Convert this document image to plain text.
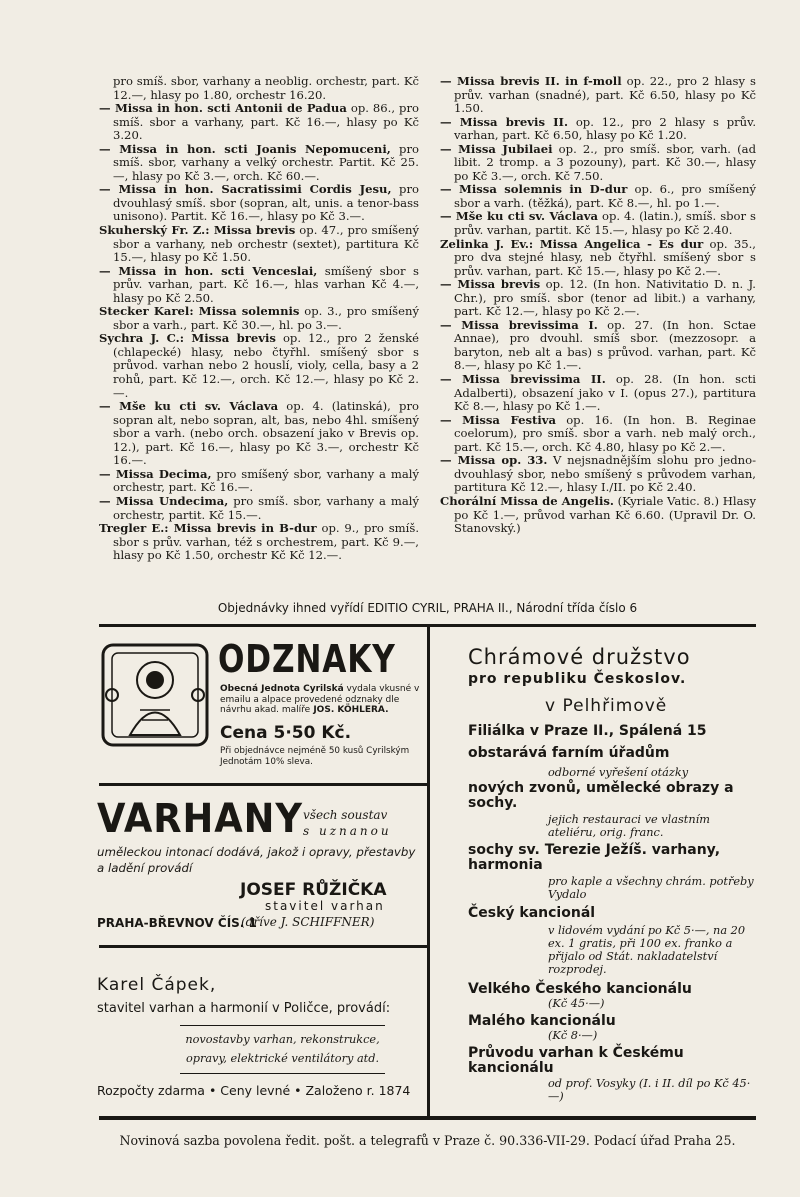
pro smíš. sbor, varhany a neoblig. orchestr, part. Kč 12.—, hlasy po 1.80, orchestr 16.20.

— Missa in hon. scti Antonii de Padua op. 86., pro smíš. sbor a varhany, part. Kč 16.—, hlasy po Kč 3.20.

— Missa in hon. scti Joanis Nepomuceni, pro smíš. sbor, varhany a velký orchestr. Partit. Kč 25.—, hlasy po Kč 3.—, orch. Kč 60.—.

— Missa in hon. Sacratissimi Cordis Jesu, pro dvouhlasý smíš. sbor (sopran, alt, unis. a tenor-bass unisono). Partit. Kč 16.—, hlasy po Kč 3.—.

Skuherský Fr. Z.: Missa brevis op. 47., pro smíšený sbor a varhany, neb orchestr (sextet), partitura Kč 15.—, hlasy po Kč 1.50.

— Missa in hon. scti Venceslai, smíšený sbor s prův. varhan, part. Kč 16.—, hlas varhan Kč 4.—, hlasy po Kč 2.50.

Stecker Karel: Missa solemnis op. 3., pro smíšený sbor a varh., part. Kč 30.—, hl. po 3.—.

Sychra J. C.: Missa brevis op. 12., pro 2 ženské (chlapecké) hlasy, nebo čtyřhl. smíšený sbor s průvod. varhan nebo 2 houslí, violy, cella, basy a 2 rohů, part. Kč 12.—, orch. Kč 12.—, hlasy po Kč 2.—.

— Mše ku cti sv. Václava op. 4. (latinská), pro sopran alt, nebo sopran, alt, bas, nebo 4hl. smíšený sbor a varh. (nebo orch. obsazení jako v Brevis op. 12.), part. Kč 16.—, hlasy po Kč 3.—, orchestr Kč 16.—.

— Missa Decima, pro smíšený sbor, varhany a malý orchestr, part. Kč 16.—.

— Missa Undecima, pro smíš. sbor, varhany a malý orchestr, partit. Kč 15.—.

Tregler E.: Missa brevis in B-dur op. 9., pro smíš. sbor s prův. varhan, též s orchestrem, part. Kč 9.—, hlasy po Kč 1.50, orchestr Kč Kč 12.—.

— Missa brevis II. in f-moll op. 22., pro 2 hlasy s prův. varhan (snadné), part. Kč 6.50, hlasy po Kč 1.50.

— Missa brevis II. op. 12., pro 2 hlasy s prův. varhan, part. Kč 6.50, hlasy po Kč 1.20.

— Missa Jubilaei op. 2., pro smíš. sbor, varh. (ad libit. 2 tromp. a 3 pozouny), part. Kč 30.—, hlasy po Kč 3.—, orch. Kč 7.50.

— Missa solemnis in D-dur op. 6., pro smíšený sbor a varh. (těžká), part. Kč 8.—, hl. po 1.—.

— Mše ku cti sv. Václava op. 4. (latin.), smíš. sbor s prův. varhan, partit. Kč 15.—, hlasy po Kč 2.40.

Zelinka J. Ev.: Missa Angelica - Es dur op. 35., pro dva stejné hlasy, neb čtyřhl. smíšený sbor s prův. varhan, part. Kč 15.—, hlasy po Kč 2.—.

— Missa brevis op. 12. (In hon. Nativitatio D. n. J. Chr.), pro smíš. sbor (tenor ad libit.) a varhany, part. Kč 12.—, hlasy po Kč 2.—.

— Missa brevissima I. op. 27. (In hon. Sctae Annae), pro dvouhl. smíš sbor. (mezzosopr. a baryton, neb alt a bas) s průvod. varhan, part. Kč 8.—, hlasy po Kč 1.—.

— Missa brevissima II. op. 28. (In hon. scti Adalberti), obsazení jako v I. (opus 27.), partitura Kč 8.—, hlasy po Kč 1.—.

— Missa Festiva op. 16. (In hon. B. Reginae coelorum), pro smíš. sbor a varh. neb malý orch., part. Kč 15.—, orch. Kč 4.80, hlasy po Kč 2.—.

— Missa op. 33. V nejsnadnějším slohu pro jedno- dvouhlasý sbor, nebo smíšený s průvodem varhan, partitura Kč 12.—, hlasy I./II. po Kč 2.40.

Chorální Missa de Angelis. (Kyriale Vatic. 8.) Hlasy po Kč 1.—, průvod varhan Kč 6.60. (Upravil Dr. O. Stanovský.)

Objednávky ihned vyřídí EDITIO CYRIL, PRAHA II., Národní třída číslo 6
ODZNAKY
Obecná Jednota Cyrilská vydala vkusné v emailu a alpace provedené odznaky dle návrhu akad. malíře JOS. KÖHLERA.
Cena 5·50 Kč.
Při objednávce nejméně 50 kusů Cyrilským Jednotám 10% sleva.
VARHANY všech soustav
s uznanou
uměleckou intonací dodává, jakož i opravy, přestavby a ladění provádí
JOSEF RŮŽIČKA
stavitel varhan
PRAHA-BŘEVNOV ČÍS. 1
(dříve J. SCHIFFNER)
Karel Čápek,
stavitel varhan a harmonií v Poličce, provádí:
novostavby varhan, rekonstrukce, opravy, elektrické ventilátory atd.
Rozpočty zdarma • Ceny levné • Založeno r. 1874
Chrámové družstvo
pro republiku Českoslov.
v Pelhřimově
Filiálka v Praze II., Spálená 15
obstarává farním úřadům
odborné vyřešení otázky
nových zvonů, umělecké obrazy a sochy.
jejich restauraci ve vlastním ateliéru, orig. franc.
sochy sv. Terezie Ježíš. varhany, harmonia
pro kaple a všechny chrám. potřeby Vydalo
Český kancionál
v lidovém vydání po Kč 5·—, na 20 ex. 1 gratis, při 100 ex. franko a přijalo od Stát. nakladatelství rozprodej.
Velkého Českého kancionálu
(Kč 45·—)
Malého kancionálu
(Kč 8·—)
Průvodu varhan k Českému kancionálu
od prof. Vosyky (I. i II. díl po Kč 45·—)
Novinová sazba povolena ředit. pošt. a telegrafů v Praze č. 90.336-VII-29. Podací úřad Praha 25.
